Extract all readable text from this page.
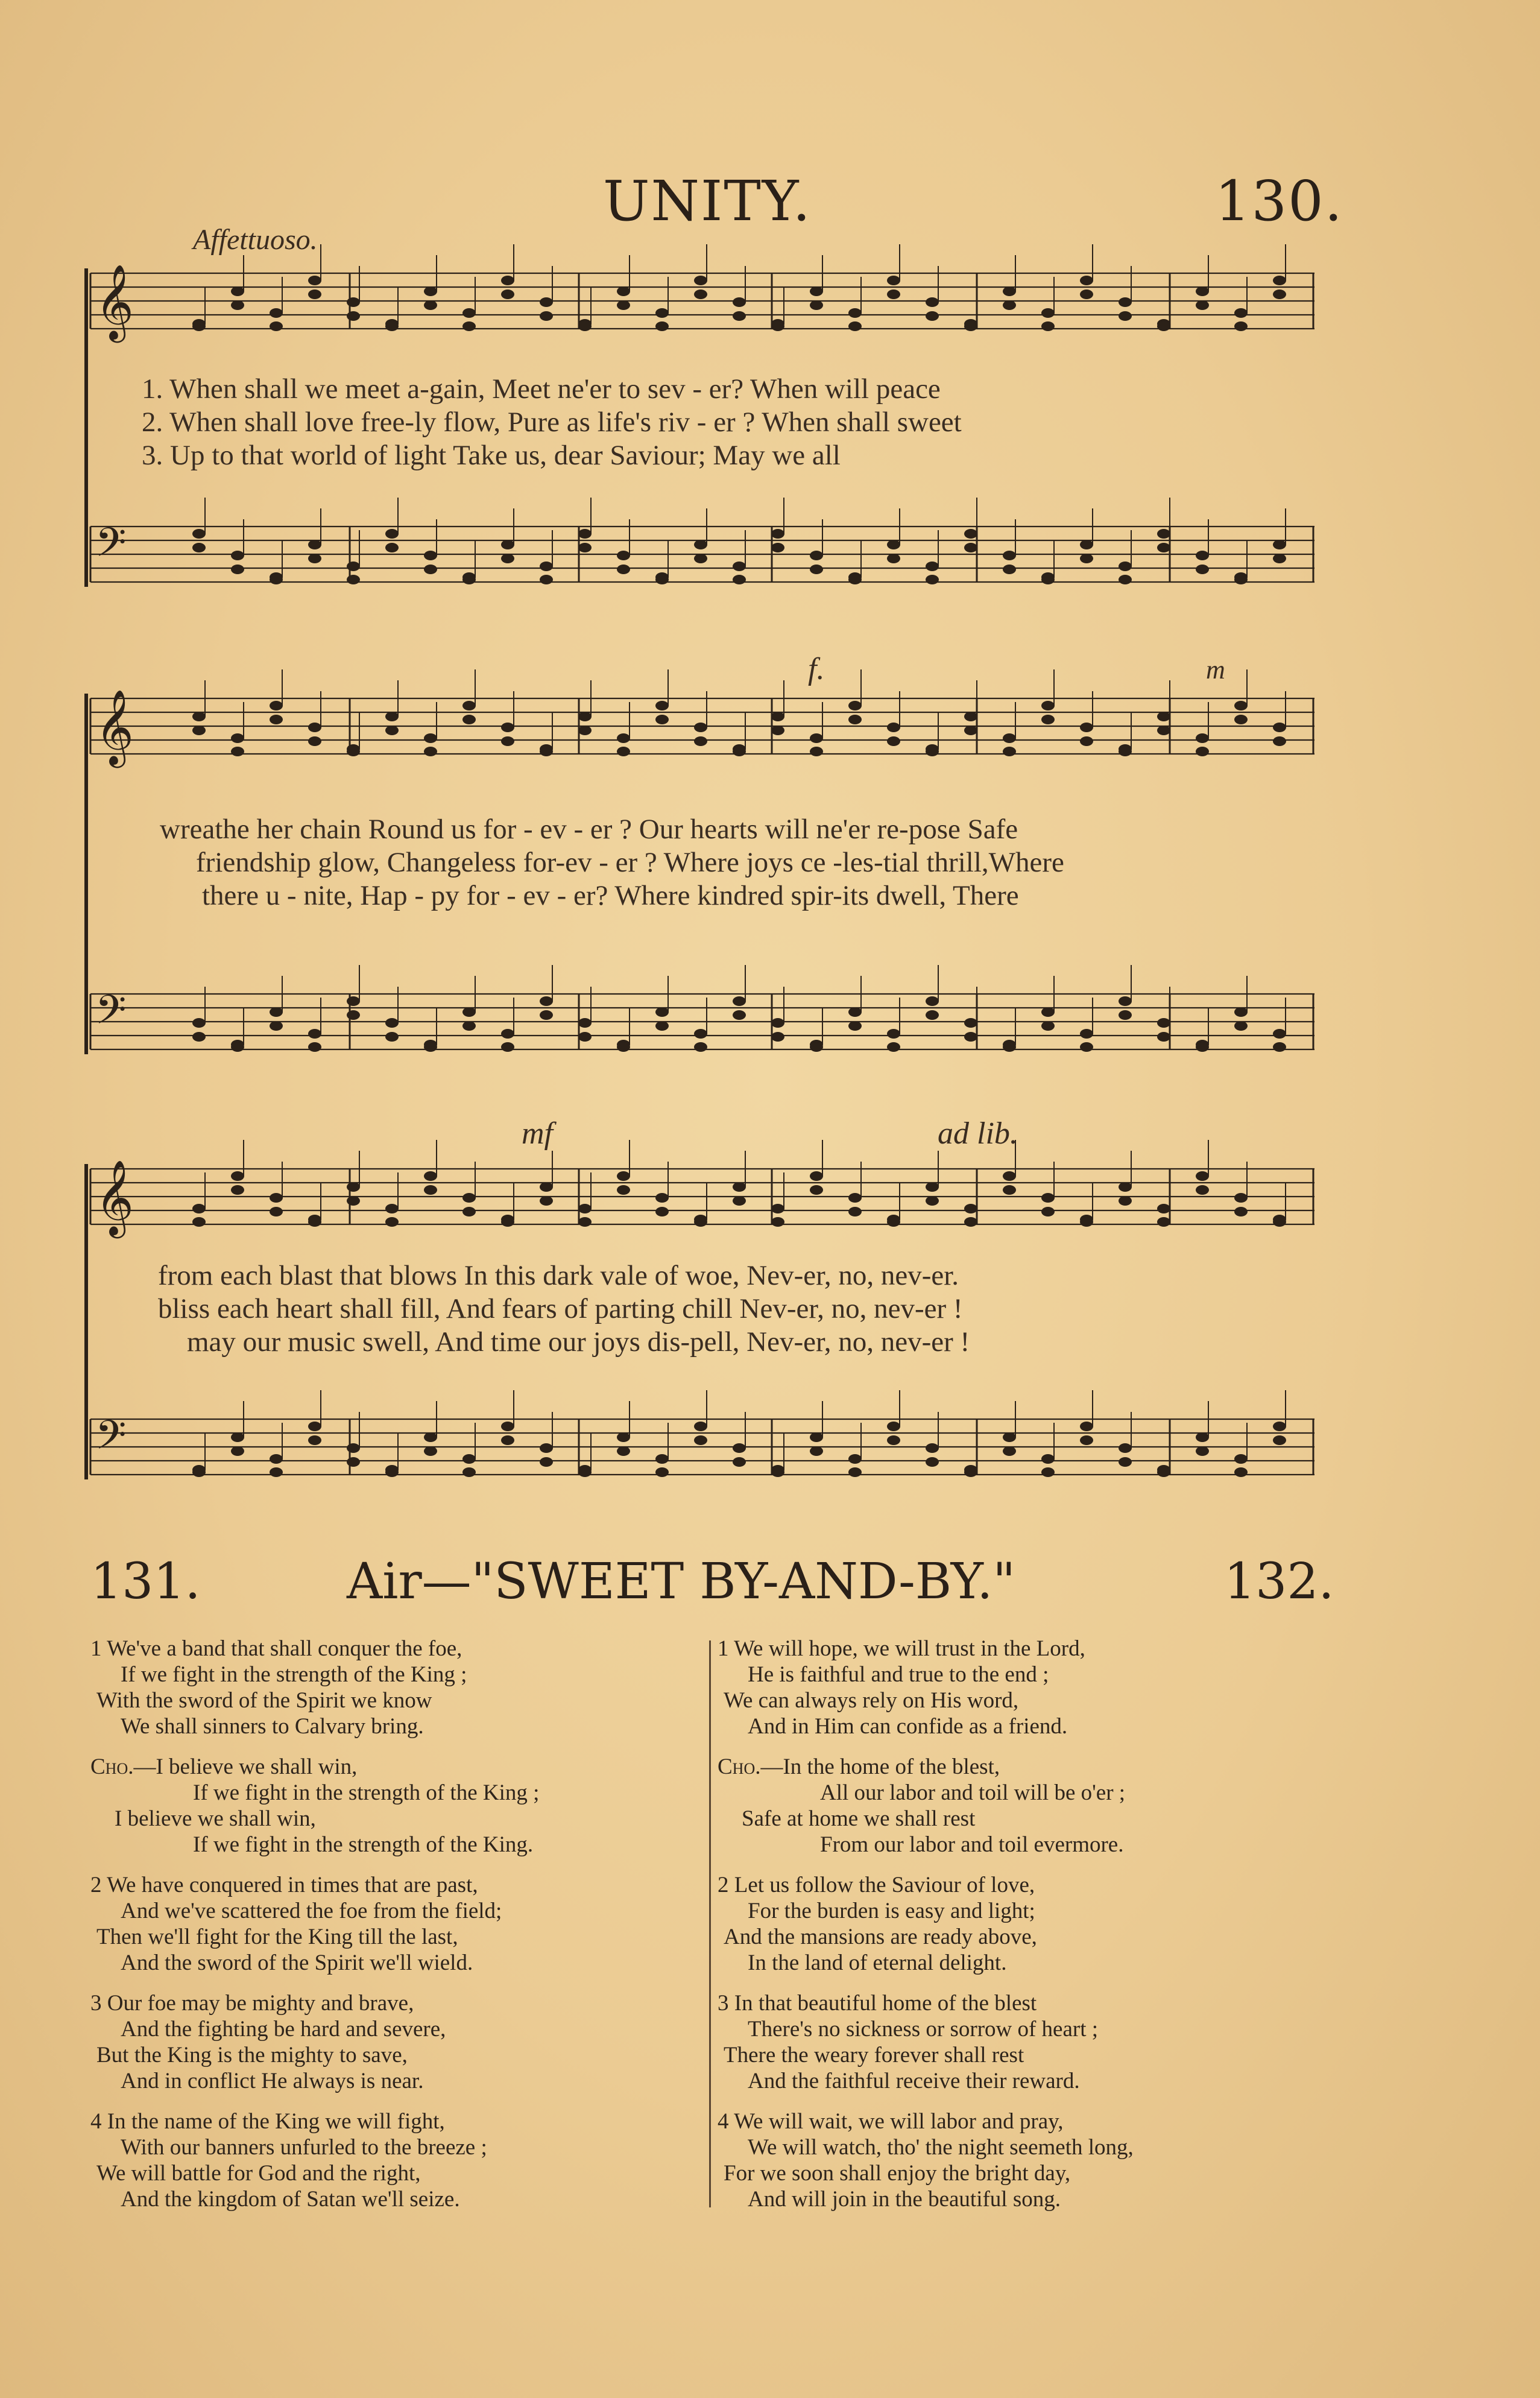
UNITY.	130.
Affettuoso.
𝄞
𝄢
1. When shall we meet a-gain, Meet ne'er to sev - er? When will peace
2. When shall love free-ly flow, Pure as life's riv - er ? When shall sweet
3. Up to that world of light Take us, dear Saviour; May we all
𝄞
𝄢
f.	m
wreathe her chain Round us for - ev - er ? Our hearts will ne'er re-pose Safe
friendship glow, Changeless for-ev - er ? Where joys ce -les-tial thrill,Where
there u - nite, Hap - py for - ev - er? Where kindred spir-its dwell, There
𝄞
𝄢
mf	ad lib.
from each blast that blows In this dark vale of woe, Nev-er, no, nev-er.
bliss each heart shall fill, And fears of parting chill Nev-er, no, nev-er !
may our music swell, And time our joys dis-pell, Nev-er, no, nev-er !
131.	Air—"SWEET BY-AND-BY."	132.
1 We've a band that shall conquer the foe,
If we fight in the strength of the King ;
With the sword of the Spirit we know
We shall sinners to Calvary bring.
Cho.—I believe we shall win,
If we fight in the strength of the King ;
I believe we shall win,
If we fight in the strength of the King.
2 We have conquered in times that are past,
And we've scattered the foe from the field;
Then we'll fight for the King till the last,
And the sword of the Spirit we'll wield.
3 Our foe may be mighty and brave,
And the fighting be hard and severe,
But the King is the mighty to save,
And in conflict He always is near.
4 In the name of the King we will fight,
With our banners unfurled to the breeze ;
We will battle for God and the right,
And the kingdom of Satan we'll seize.
1 We will hope, we will trust in the Lord,
He is faithful and true to the end ;
We can always rely on His word,
And in Him can confide as a friend.
Cho.—In the home of the blest,
All our labor and toil will be o'er ;
Safe at home we shall rest
From our labor and toil evermore.
2 Let us follow the Saviour of love,
For the burden is easy and light;
And the mansions are ready above,
In the land of eternal delight.
3 In that beautiful home of the blest
There's no sickness or sorrow of heart ;
There the weary forever shall rest
And the faithful receive their reward.
4 We will wait, we will labor and pray,
We will watch, tho' the night seemeth long,
For we soon shall enjoy the bright day,
And will join in the beautiful song.
